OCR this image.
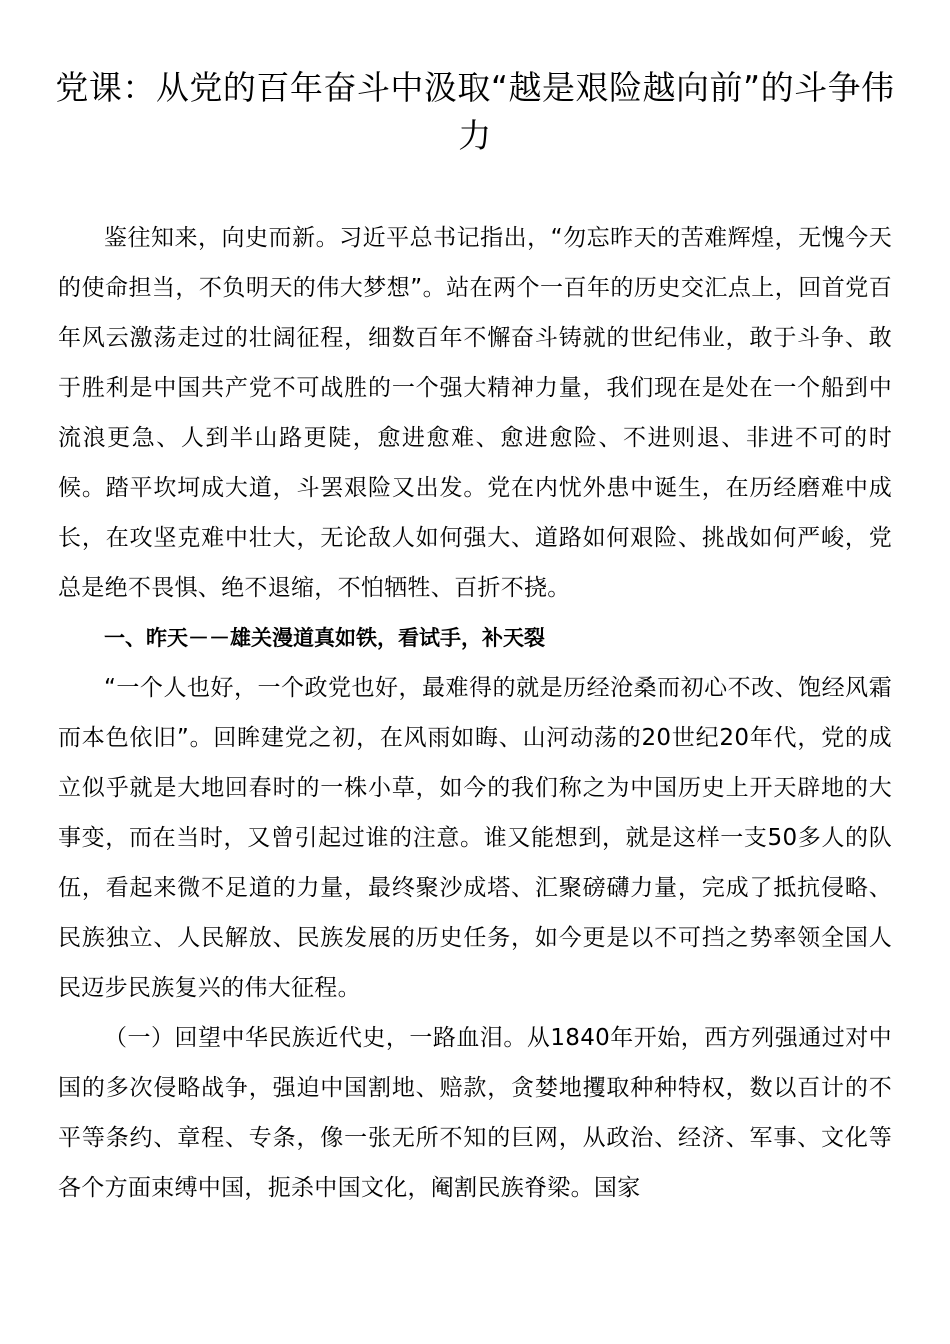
党课：从党的百年奋斗中汲取“越是艰险越向前”的斗争伟力

鉴往知来，向史而新。习近平总书记指出，“勿忘昨天的苦难辉煌，无愧今天的使命担当，不负明天的伟大梦想”。站在两个一百年的历史交汇点上，回首党百年风云激荡走过的壮阔征程，细数百年不懈奋斗铸就的世纪伟业，敢于斗争、敢于胜利是中国共产党不可战胜的一个强大精神力量，我们现在是处在一个船到中流浪更急、人到半山路更陡，愈进愈难、愈进愈险、不进则退、非进不可的时候。踏平坎坷成大道，斗罢艰险又出发。党在内忧外患中诞生，在历经磨难中成长，在攻坚克难中壮大，无论敌人如何强大、道路如何艰险、挑战如何严峻，党总是绝不畏惧、绝不退缩，不怕牺牲、百折不挠。

一、昨天－－雄关漫道真如铁，看试手，补天裂

“一个人也好，一个政党也好，最难得的就是历经沧桑而初心不改、饱经风霜而本色依旧”。回眸建党之初，在风雨如晦、山河动荡的20世纪20年代，党的成立似乎就是大地回春时的一株小草，如今的我们称之为中国历史上开天辟地的大事变，而在当时，又曾引起过谁的注意。谁又能想到，就是这样一支50多人的队伍，看起来微不足道的力量，最终聚沙成塔、汇聚磅礴力量，完成了抵抗侵略、民族独立、人民解放、民族发展的历史任务，如今更是以不可挡之势率领全国人民迈步民族复兴的伟大征程。

（一）回望中华民族近代史，一路血泪。从1840年开始，西方列强通过对中国的多次侵略战争，强迫中国割地、赔款，贪婪地攫取种种特权，数以百计的不平等条约、章程、专条，像一张无所不知的巨网，从政治、经济、军事、文化等各个方面束缚中国，扼杀中国文化，阉割民族脊梁。国家
